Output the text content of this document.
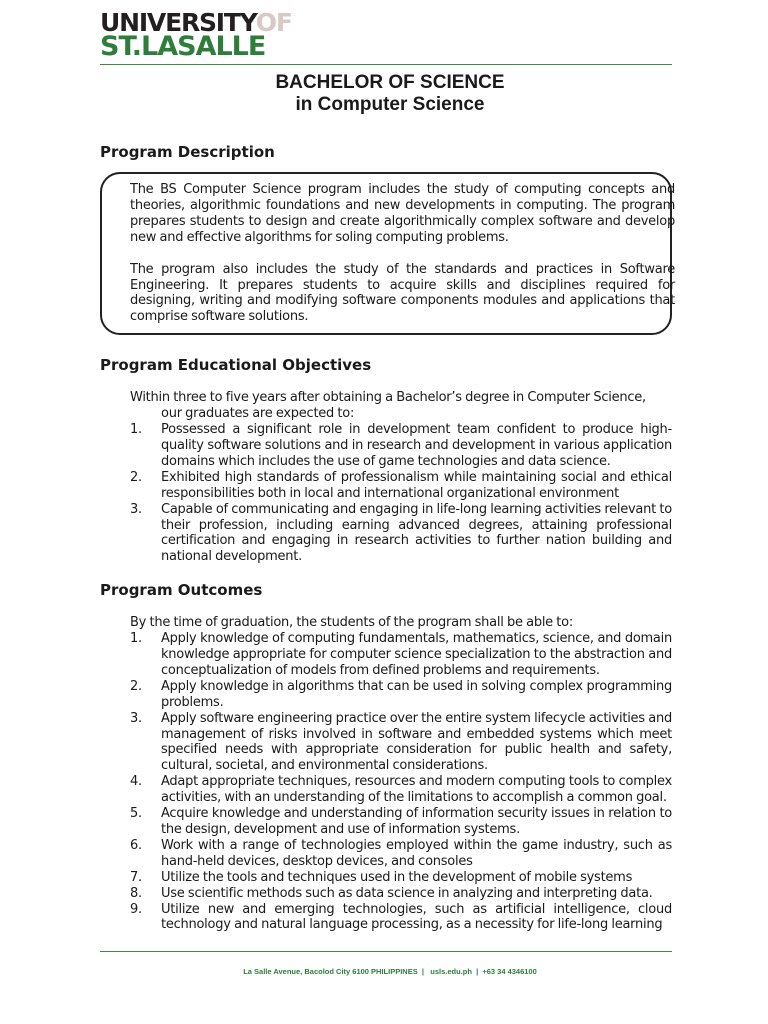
UNIVERSITYOF
ST.LASALLE
BACHELOR OF SCIENCE
in Computer Science
Program Description

The BS Computer Science program includes the study of computing concepts and theories, algorithmic foundations and new developments in computing. The program prepares students to design and create algorithmically complex software and develop new and effective algorithms for soling computing problems.

The program also includes the study of the standards and practices in Software Engineering. It prepares students to acquire skills and disciplines required for designing, writing and modifying software components modules and applications that comprise software solutions.

Program Educational Objectives

Within three to five years after obtaining a Bachelor’s degree in Computer Science,

our graduates are expected to:

1. Possessed a significant role in development team confident to produce high-quality software solutions and in research and development in various application domains which includes the use of game technologies and data science.
2. Exhibited high standards of professionalism while maintaining social and ethical responsibilities both in local and international organizational environment
3. Capable of communicating and engaging in life-long learning activities relevant to their profession, including earning advanced degrees, attaining professional certification and engaging in research activities to further nation building and national development.
Program Outcomes

By the time of graduation, the students of the program shall be able to:

1. Apply knowledge of computing fundamentals, mathematics, science, and domain knowledge appropriate for computer science specialization to the abstraction and conceptualization of models from defined problems and requirements.
2. Apply knowledge in algorithms that can be used in solving complex programming problems.
3. Apply software engineering practice over the entire system lifecycle activities and management of risks involved in software and embedded systems which meet specified needs with appropriate consideration for public health and safety, cultural, societal, and environmental considerations.
4. Adapt appropriate techniques, resources and modern computing tools to complex activities, with an understanding of the limitations to accomplish a common goal.
5. Acquire knowledge and understanding of information security issues in relation to the design, development and use of information systems.
6. Work with a range of technologies employed within the game industry, such as hand-held devices, desktop devices, and consoles
7. Utilize the tools and techniques used in the development of mobile systems
8. Use scientific methods such as data science in analyzing and interpreting data.
9. Utilize new and emerging technologies, such as artificial intelligence, cloud technology and natural language processing, as a necessity for life-long learning
La Salle Avenue, Bacolod City 6100 PHILIPPINES  |   usls.edu.ph  |  +63 34 4346100
